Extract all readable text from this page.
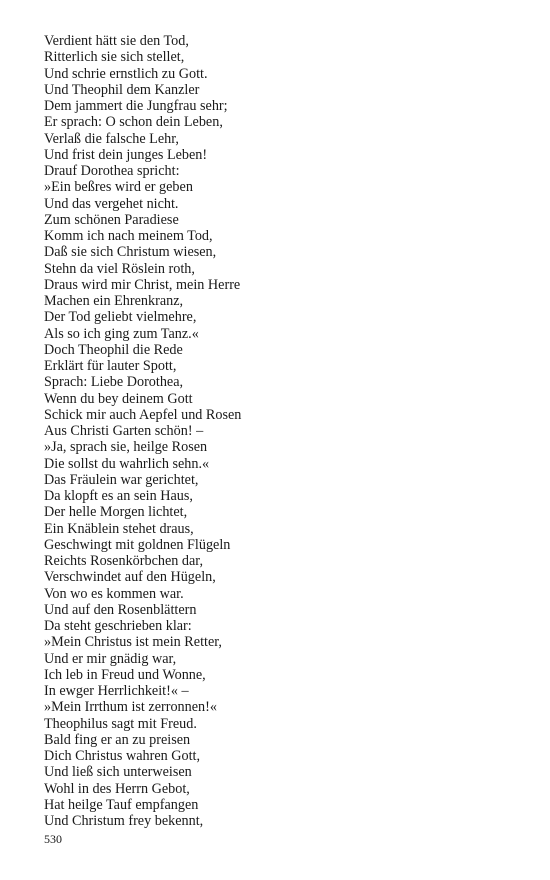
Verdient hätt sie den Tod,
Ritterlich sie sich stellet,
Und schrie ernstlich zu Gott.
Und Theophil dem Kanzler
Dem jammert die Jungfrau sehr;
Er sprach: O schon dein Leben,
Verlaß die falsche Lehr,
Und frist dein junges Leben!
Drauf Dorothea spricht:
»Ein beßres wird er geben
Und das vergehet nicht.
Zum schönen Paradiese
Komm ich nach meinem Tod,
Daß sie sich Christum wiesen,
Stehn da viel Röslein roth,
Draus wird mir Christ, mein Herre
Machen ein Ehrenkranz,
Der Tod geliebt vielmehre,
Als so ich ging zum Tanz.«
Doch Theophil die Rede
Erklärt für lauter Spott,
Sprach: Liebe Dorothea,
Wenn du bey deinem Gott
Schick mir auch Aepfel und Rosen
Aus Christi Garten schön! –
»Ja, sprach sie, heilge Rosen
Die sollst du wahrlich sehn.«
Das Fräulein war gerichtet,
Da klopft es an sein Haus,
Der helle Morgen lichtet,
Ein Knäblein stehet draus,
Geschwingt mit goldnen Flügeln
Reichts Rosenkörbchen dar,
Verschwindet auf den Hügeln,
Von wo es kommen war.
Und auf den Rosenblättern
Da steht geschrieben klar:
»Mein Christus ist mein Retter,
Und er mir gnädig war,
Ich leb in Freud und Wonne,
In ewger Herrlichkeit!« –
»Mein Irrthum ist zerronnen!«
Theophilus sagt mit Freud.
Bald fing er an zu preisen
Dich Christus wahren Gott,
Und ließ sich unterweisen
Wohl in des Herrn Gebot,
Hat heilge Tauf empfangen
Und Christum frey bekennt,
530
